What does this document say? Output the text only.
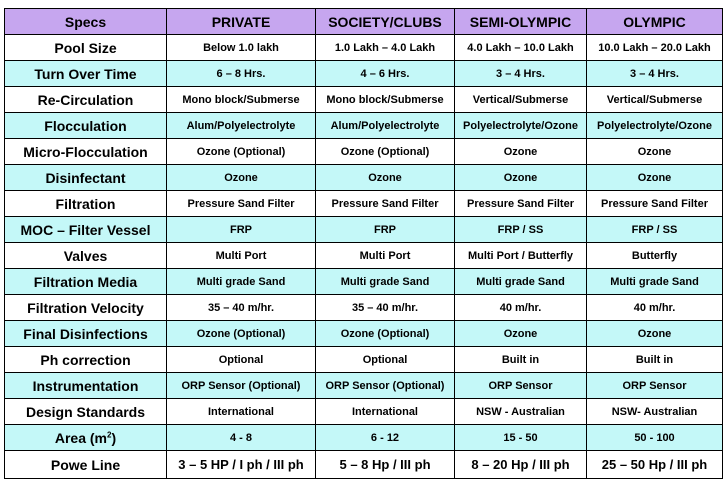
Specs	PRIVATE	SOCIETY/CLUBS	SEMI-OLYMPIC	OLYMPIC
Pool Size	Below 1.0 lakh	1.0 Lakh – 4.0 Lakh	4.0 Lakh – 10.0 Lakh	10.0 Lakh – 20.0 Lakh
Turn Over Time	6 – 8 Hrs.	4 – 6 Hrs.	3 – 4 Hrs.	3 – 4 Hrs.
Re-Circulation	Mono block/Submerse	Mono block/Submerse	Vertical/Submerse	Vertical/Submerse
Flocculation	Alum/Polyelectrolyte	Alum/Polyelectrolyte	Polyelectrolyte/Ozone	Polyelectrolyte/Ozone
Micro-Flocculation	Ozone (Optional)	Ozone (Optional)	Ozone	Ozone
Disinfectant	Ozone	Ozone	Ozone	Ozone
Filtration	Pressure Sand Filter	Pressure Sand Filter	Pressure Sand Filter	Pressure Sand Filter
MOC – Filter Vessel	FRP	FRP	FRP / SS	FRP / SS
Valves	Multi Port	Multi Port	Multi Port / Butterfly	Butterfly
Filtration Media	Multi grade Sand	Multi grade Sand	Multi grade Sand	Multi grade Sand
Filtration Velocity	35 – 40 m/hr.	35 – 40 m/hr.	40 m/hr.	40 m/hr.
Final Disinfections	Ozone (Optional)	Ozone (Optional)	Ozone	Ozone
Ph correction	Optional	Optional	Built in	Built in
Instrumentation	ORP Sensor (Optional)	ORP Sensor (Optional)	ORP Sensor	ORP Sensor
Design Standards	International	International	NSW - Australian	NSW- Australian
Area $(m^2)$	4 - 8	6 - 12	15 - 50	50 - 100
Powe Line	3 – 5 HP / I ph / III ph	5 – 8 Hp / III ph	8 – 20 Hp / III ph	25 – 50 Hp / III ph
